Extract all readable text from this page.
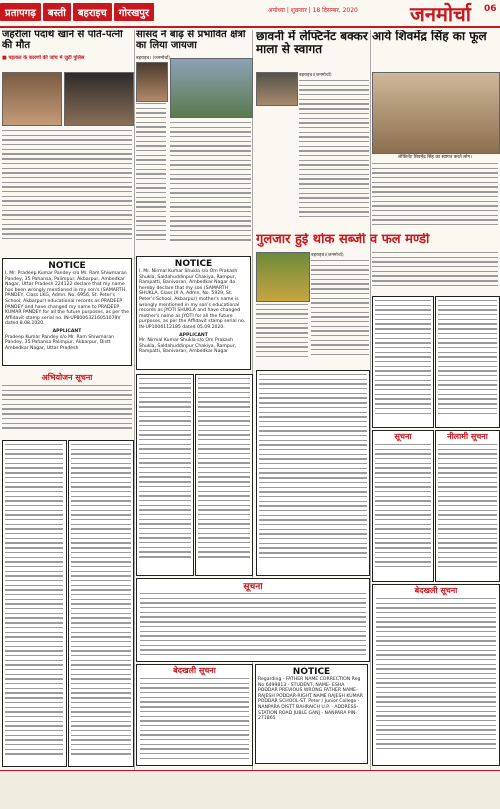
प्रतापगढ़	बस्ती	बहराइच	गोरखपुर	अयोध्या | शुक्रवार | 18 दिसम्बर, 2020	जनमोर्चा 06
जहरीला पदार्थ खाने से पति-पत्नी की मौत
■ पड़ताल के कारणों की जांच में जुटी पुलिस
NOTICE
I, Mr. Pradeep Kumar Pandey s/o Mr. Ram Shiwmaran Pandey, 35 Pahansa, Palimpur, Akbarpur, Ambedkar Nagar, Uttar Pradesh 224122 declare that my name has been wrongly mentioned in my son's (SAMARTH PANDEY, Class LKG, Admn. No. 6956, St. Peter's School, Akbarpur) educational records as PRADEEP PANDEY and have changed my name to PRADEEP KUMAR PANDEY for all the future purposes, as per the Affidavit stamp serial no. IN-UP80063216051079V dated 8.08.2020.
APPLICANT
Pradeep Kumar Pandey s/o Mr. Ram Shiwmaran Pandey, 35 Pahansa Palimpur, Akbarpur, Distt Ambedkar Nagar, Uttar Pradesh
अभियोजन सूचना
सांसद ने बाढ़ से प्रभावित क्षेत्रों का लिया जायजा
बहराइच। (जनमोर्चा)
NOTICE
I, Mr. Nirmal Kumar Shukla s/o Om Prakash Shukla, Saldahuddinpur Chakiya, Rampur, Rampatti, Banivaran, Ambedkar Nagar do hereby declare that my son (SAMARTH SHUKLA, Class IX A, Admn. No. 5929, St. Peter's School, Akbarpur) mother's name is wrongly mentioned in my son's educational records as JYOTI SHUKLA and have changed mother's name as JYOTI for all the future purposes, as per the Affidavit stamp serial no. IN-UP1006112185 dated 05.09.2020.
APPLICANT
Mr. Nirmal Kumar Shukla s/o Om Prakash Shukla, Saldahuddinpur Chakiya, Rampur, Rampatti, Banivaran, Ambedkar Nagar
सूचना
बेदखली सूचना
छावनी में लेफ्टिनेंट बक्कर आये शिवमेंद्र सिंह का फूल माला से स्वागत
बहराइच।(जनमोर्चा)
लेफ्टिनेंट शिवमेंद्र सिंह का स्वागत करते लोग।
गुलजार हुई थोक सब्जी व फल मण्डी
बहराइच।(जनमोर्चा)
सूचना	नीलामी सूचना
NOTICE
Regarding - FATHER NAME CORRECTION Reg No 6499813 - STUDENT, NAME- ESHA PODDAR PREVIOUS WRONG FATHER NAME-RAJESH PODDAR-RIGHT NAME RAJESH KUMAR PODDAR SCHOOL-ST. Peter / Junior College - NANPARA DISTT BAHRAICH U.P. - ADDRESS-STATION ROAD JUBLE GANJ - NANPARA PIN-271865
बेदखली सूचना
